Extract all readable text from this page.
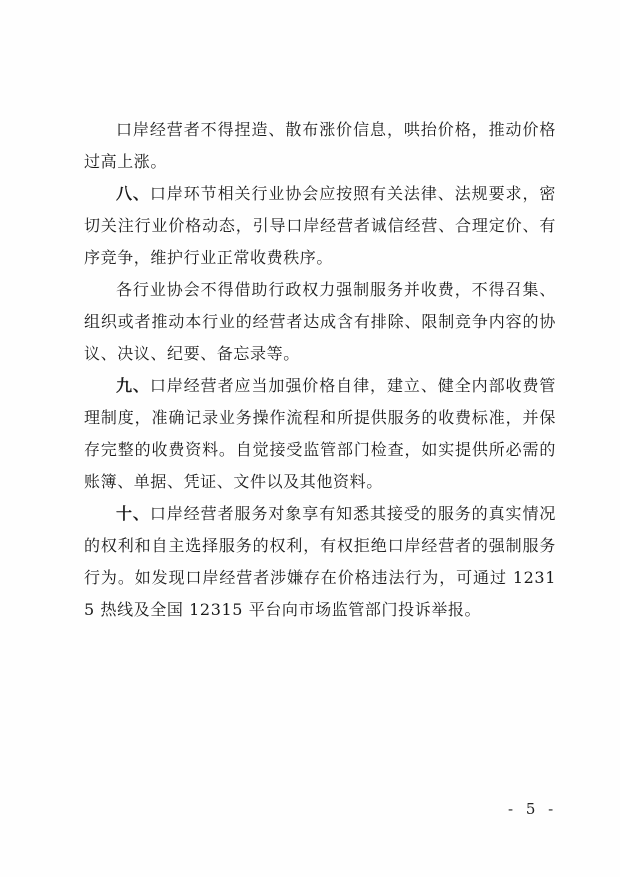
口岸经营者不得捏造、散布涨价信息，哄抬价格，推动价格过高上涨。

八、口岸环节相关行业协会应按照有关法律、法规要求，密切关注行业价格动态，引导口岸经营者诚信经营、合理定价、有序竞争，维护行业正常收费秩序。

各行业协会不得借助行政权力强制服务并收费，不得召集、组织或者推动本行业的经营者达成含有排除、限制竞争内容的协议、决议、纪要、备忘录等。

九、口岸经营者应当加强价格自律，建立、健全内部收费管理制度，准确记录业务操作流程和所提供服务的收费标准，并保存完整的收费资料。自觉接受监管部门检查，如实提供所必需的账簿、单据、凭证、文件以及其他资料。

十、口岸经营者服务对象享有知悉其接受的服务的真实情况的权利和自主选择服务的权利，有权拒绝口岸经营者的强制服务行为。如发现口岸经营者涉嫌存在价格违法行为，可通过 12315 热线及全国 12315 平台向市场监管部门投诉举报。

- 5 -
